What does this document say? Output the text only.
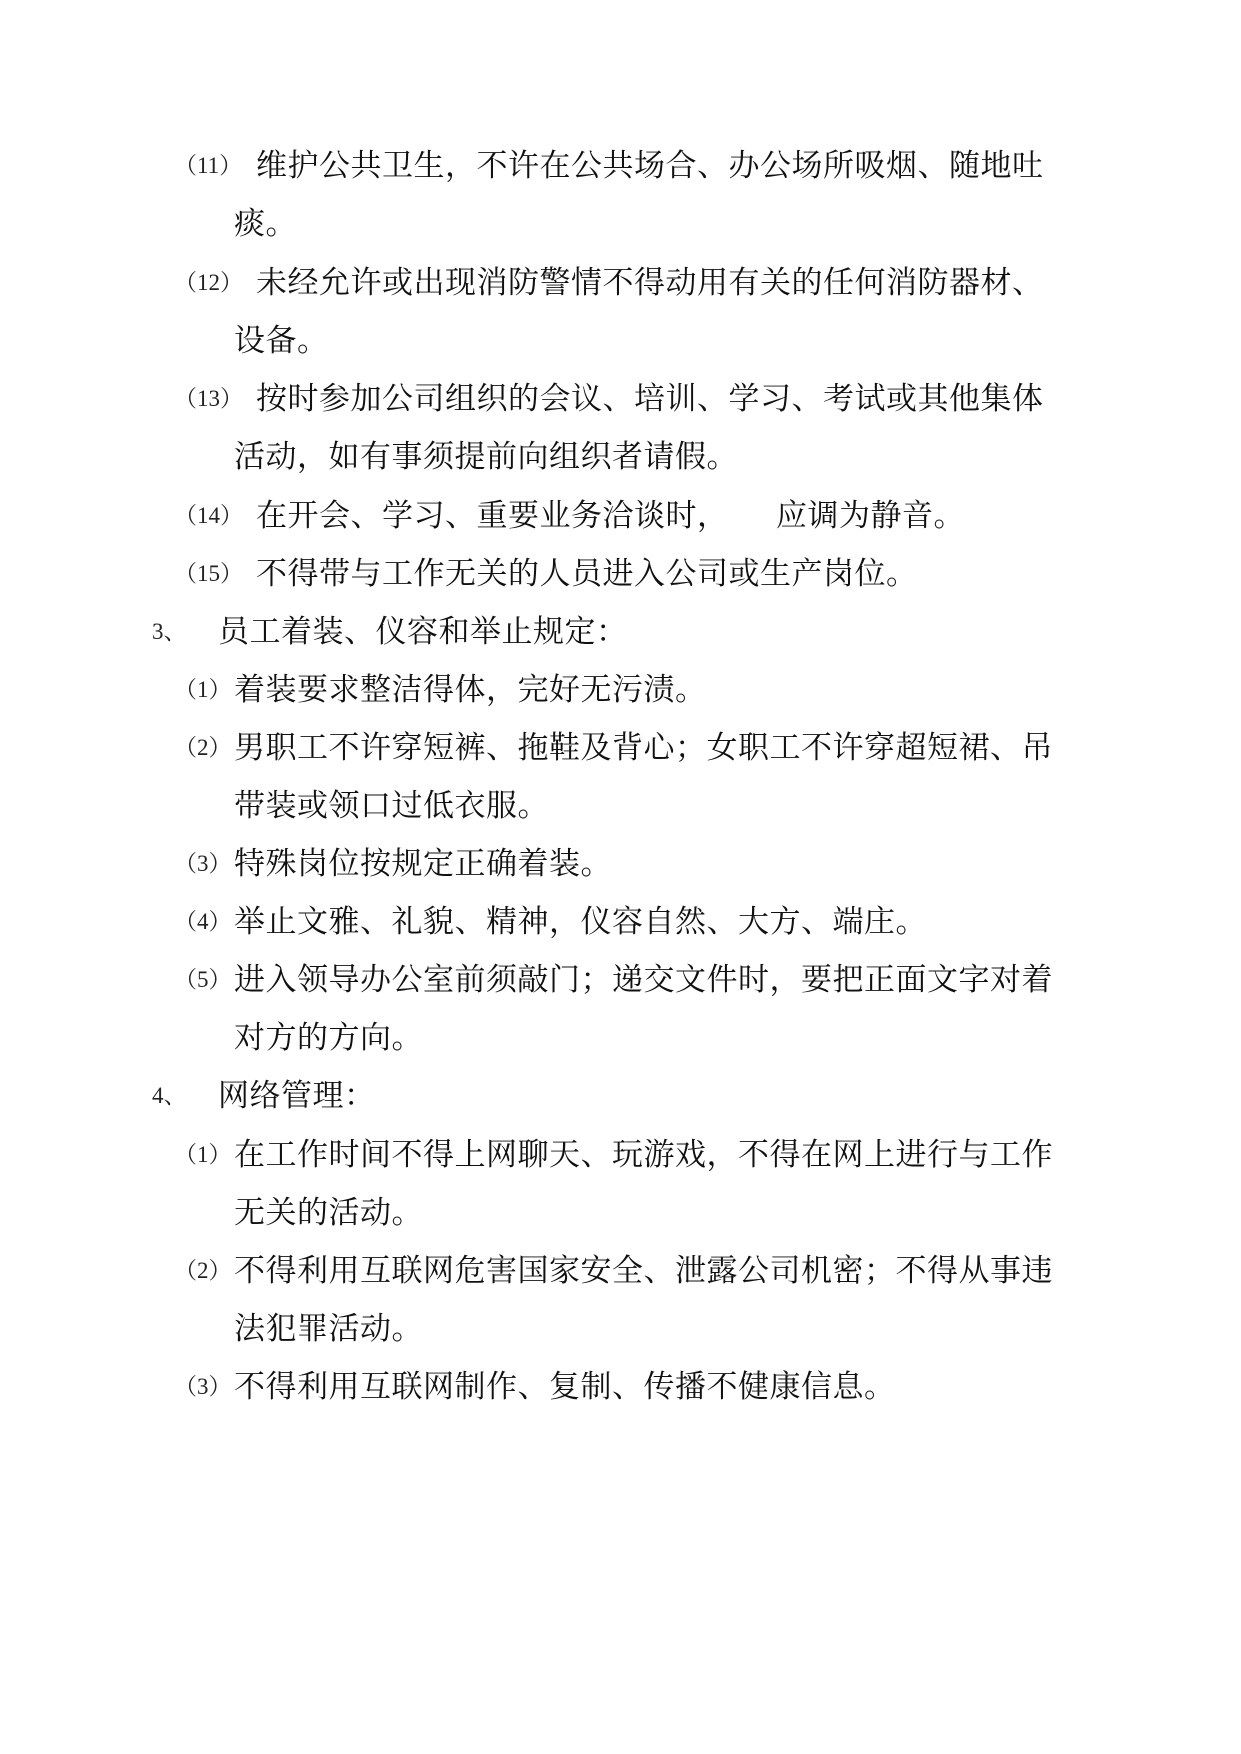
（11） 维护公共卫生，不许在公共场合、办公场所吸烟、随地吐
痰。
（12） 未经允许或出现消防警情不得动用有关的任何消防器材、
设备。
（13） 按时参加公司组织的会议、培训、学习、考试或其他集体
活动，如有事须提前向组织者请假。
（14） 在开会、学习、重要业务洽谈时，　　应调为静音。
（15） 不得带与工作无关的人员进入公司或生产岗位。
3、 员工着装、仪容和举止规定：
（1） 着装要求整洁得体，完好无污渍。
（2） 男职工不许穿短裤、拖鞋及背心；女职工不许穿超短裙、吊
带装或领口过低衣服。
（3） 特殊岗位按规定正确着装。
（4） 举止文雅、礼貌、精神，仪容自然、大方、端庄。
（5） 进入领导办公室前须敲门；递交文件时，要把正面文字对着
对方的方向。
4、 网络管理：
（1） 在工作时间不得上网聊天、玩游戏，不得在网上进行与工作
无关的活动。
（2） 不得利用互联网危害国家安全、泄露公司机密；不得从事违
法犯罪活动。
（3） 不得利用互联网制作、复制、传播不健康信息。
